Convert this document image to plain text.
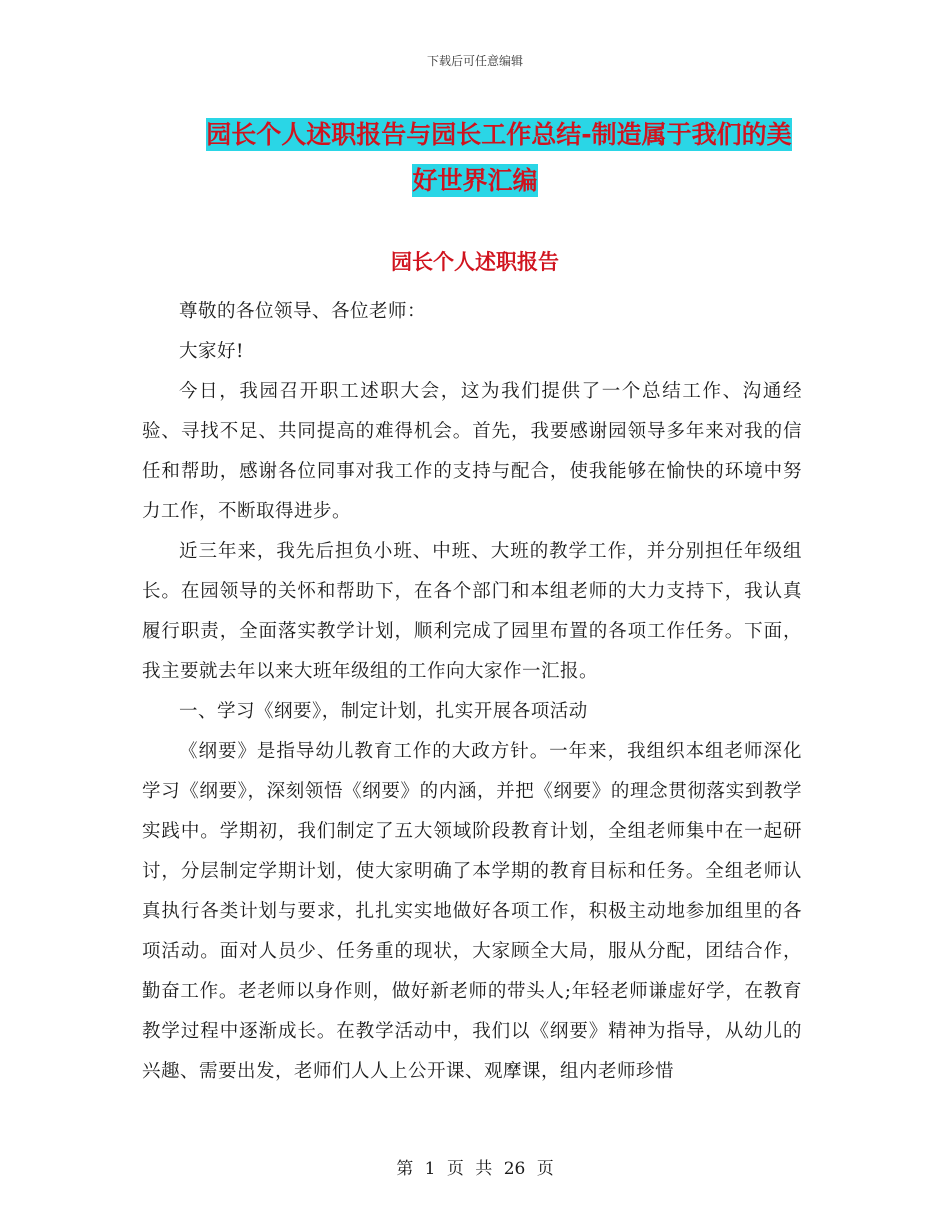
下载后可任意编辑
园长个人述职报告与园长工作总结-制造属于我们的美
好世界汇编
园长个人述职报告

尊敬的各位领导、各位老师：

大家好!

今日，我园召开职工述职大会，这为我们提供了一个总结工作、沟通经验、寻找不足、共同提高的难得机会。首先，我要感谢园领导多年来对我的信任和帮助，感谢各位同事对我工作的支持与配合，使我能够在愉快的环境中努力工作，不断取得进步。

近三年来，我先后担负小班、中班、大班的教学工作，并分别担任年级组长。在园领导的关怀和帮助下，在各个部门和本组老师的大力支持下，我认真履行职责，全面落实教学计划，顺利完成了园里布置的各项工作任务。下面，我主要就去年以来大班年级组的工作向大家作一汇报。

一、学习《纲要》，制定计划，扎实开展各项活动

《纲要》是指导幼儿教育工作的大政方针。一年来，我组织本组老师深化学习《纲要》，深刻领悟《纲要》的内涵，并把《纲要》的理念贯彻落实到教学实践中。学期初，我们制定了五大领域阶段教育计划，全组老师集中在一起研讨，分层制定学期计划，使大家明确了本学期的教育目标和任务。全组老师认真执行各类计划与要求，扎扎实实地做好各项工作，积极主动地参加组里的各项活动。面对人员少、任务重的现状，大家顾全大局，服从分配，团结合作，勤奋工作。老老师以身作则，做好新老师的带头人;年轻老师谦虚好学，在教育教学过程中逐渐成长。在教学活动中，我们以《纲要》精神为指导，从幼儿的兴趣、需要出发，老师们人人上公开课、观摩课，组内老师珍惜

第 1 页 共 26 页
